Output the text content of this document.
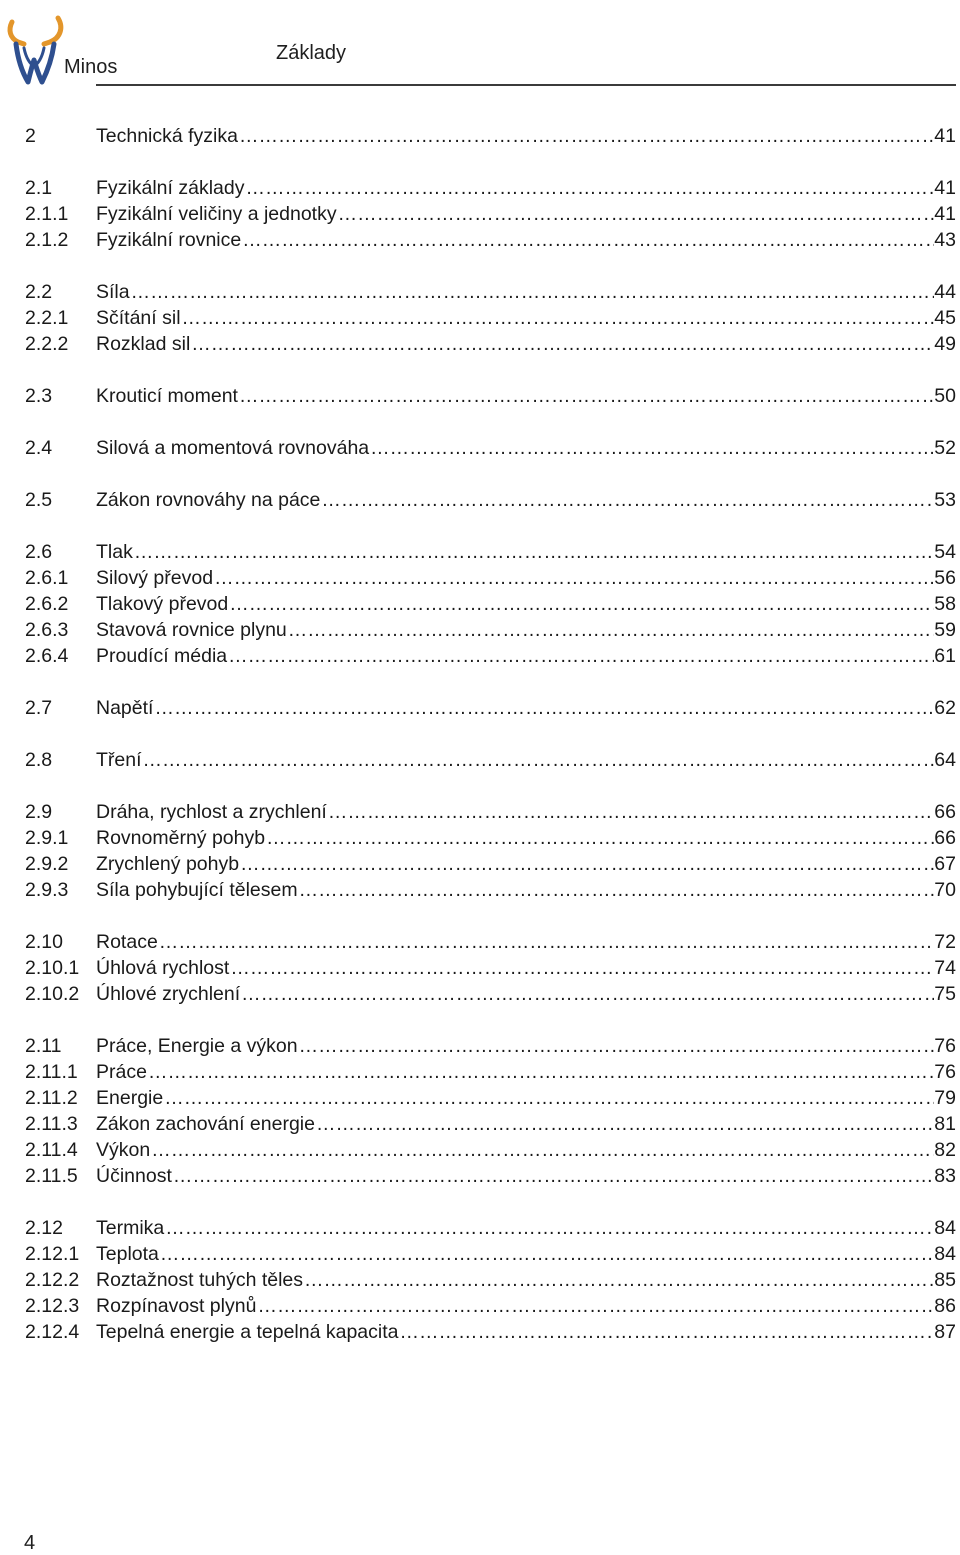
Minos
Základy
2	Technická fyzika …………………………………………………………………………………………………………………………………………………………………	41
2.1	Fyzikální základy …………………………………………………………………………………………………………………………………………………………………	41
2.1.1	Fyzikální veličiny a jednotky …………………………………………………………………………………………………………………………………………………………………	41
2.1.2	Fyzikální rovnice …………………………………………………………………………………………………………………………………………………………………	43
2.2	Síla …………………………………………………………………………………………………………………………………………………………………	44
2.2.1	Sčítání sil …………………………………………………………………………………………………………………………………………………………………	45
2.2.2	Rozklad sil …………………………………………………………………………………………………………………………………………………………………	49
2.3	Krouticí moment …………………………………………………………………………………………………………………………………………………………………	50
2.4	Silová a momentová rovnováha …………………………………………………………………………………………………………………………………………………………………	52
2.5	Zákon rovnováhy na páce …………………………………………………………………………………………………………………………………………………………………	53
2.6	Tlak …………………………………………………………………………………………………………………………………………………………………	54
2.6.1	Silový převod …………………………………………………………………………………………………………………………………………………………………	56
2.6.2	Tlakový převod …………………………………………………………………………………………………………………………………………………………………	58
2.6.3	Stavová rovnice plynu …………………………………………………………………………………………………………………………………………………………………	59
2.6.4	Proudící média …………………………………………………………………………………………………………………………………………………………………	61
2.7	Napětí …………………………………………………………………………………………………………………………………………………………………	62
2.8	Tření …………………………………………………………………………………………………………………………………………………………………	64
2.9	Dráha, rychlost a zrychlení …………………………………………………………………………………………………………………………………………………………………	66
2.9.1	Rovnoměrný pohyb …………………………………………………………………………………………………………………………………………………………………	66
2.9.2	Zrychlený pohyb …………………………………………………………………………………………………………………………………………………………………	67
2.9.3	Síla pohybující tělesem …………………………………………………………………………………………………………………………………………………………………	70
2.10	Rotace …………………………………………………………………………………………………………………………………………………………………	72
2.10.1 Úhlová rychlost …………………………………………………………………………………………………………………………………………………………………	74
2.10.2 Úhlové zrychlení …………………………………………………………………………………………………………………………………………………………………	75
2.11	Práce, Energie a výkon …………………………………………………………………………………………………………………………………………………………………	76
2.11.1 Práce …………………………………………………………………………………………………………………………………………………………………	76
2.11.2 Energie …………………………………………………………………………………………………………………………………………………………………	79
2.11.3 Zákon zachování energie …………………………………………………………………………………………………………………………………………………………………	81
2.11.4 Výkon …………………………………………………………………………………………………………………………………………………………………	82
2.11.5 Účinnost …………………………………………………………………………………………………………………………………………………………………	83
2.12	Termika …………………………………………………………………………………………………………………………………………………………………	84
2.12.1 Teplota …………………………………………………………………………………………………………………………………………………………………	84
2.12.2 Roztažnost tuhých těles …………………………………………………………………………………………………………………………………………………………………	85
2.12.3 Rozpínavost plynů …………………………………………………………………………………………………………………………………………………………………	86
2.12.4 Tepelná energie a tepelná kapacita …………………………………………………………………………………………………………………………………………………………………	87
4
